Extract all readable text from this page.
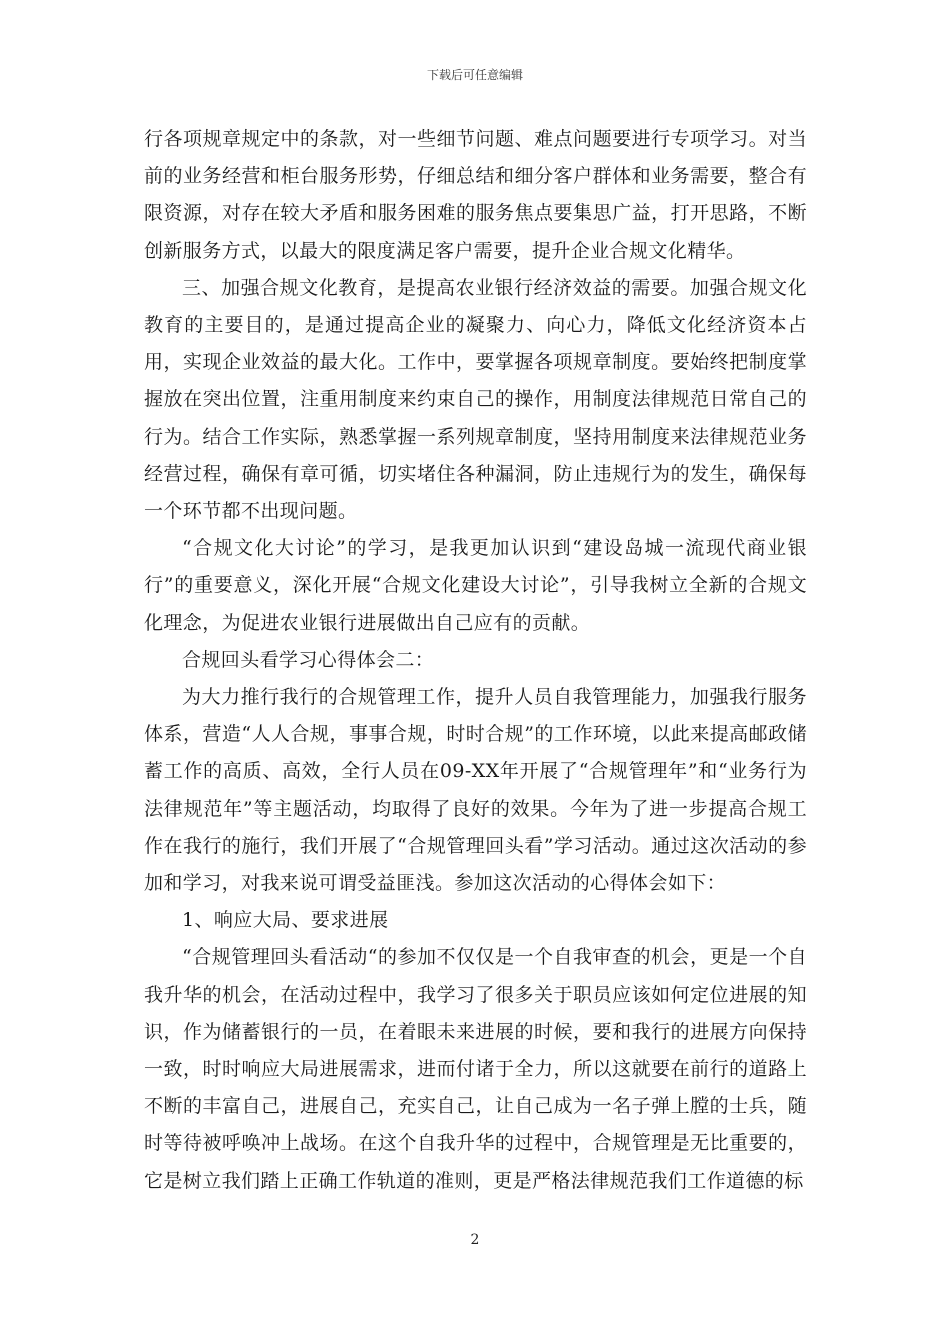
下载后可任意编辑

行各项规章规定中的条款，对一些细节问题、难点问题要进行专项学习。对当前的业务经营和柜台服务形势，仔细总结和细分客户群体和业务需要，整合有限资源，对存在较大矛盾和服务困难的服务焦点要集思广益，打开思路，不断创新服务方式，以最大的限度满足客户需要，提升企业合规文化精华。

三、加强合规文化教育，是提高农业银行经济效益的需要。加强合规文化教育的主要目的，是通过提高企业的凝聚力、向心力，降低文化经济资本占用，实现企业效益的最大化。工作中，要掌握各项规章制度。要始终把制度掌握放在突出位置，注重用制度来约束自己的操作，用制度法律规范日常自己的行为。结合工作实际，熟悉掌握一系列规章制度，坚持用制度来法律规范业务经营过程，确保有章可循，切实堵住各种漏洞，防止违规行为的发生，确保每一个环节都不出现问题。

“合规文化大讨论”的学习，是我更加认识到“建设岛城一流现代商业银行”的重要意义，深化开展“合规文化建设大讨论”，引导我树立全新的合规文化理念，为促进农业银行进展做出自己应有的贡献。

合规回头看学习心得体会二：

为大力推行我行的合规管理工作，提升人员自我管理能力，加强我行服务体系，营造“人人合规，事事合规，时时合规”的工作环境，以此来提高邮政储蓄工作的高质、高效，全行人员在09-XX年开展了“合规管理年”和“业务行为法律规范年”等主题活动，均取得了良好的效果。今年为了进一步提高合规工作在我行的施行，我们开展了“合规管理回头看”学习活动。通过这次活动的参加和学习，对我来说可谓受益匪浅。参加这次活动的心得体会如下：

1、响应大局、要求进展

“合规管理回头看活动“的参加不仅仅是一个自我审查的机会，更是一个自我升华的机会，在活动过程中，我学习了很多关于职员应该如何定位进展的知识，作为储蓄银行的一员，在着眼未来进展的时候，要和我行的进展方向保持一致，时时响应大局进展需求，进而付诸于全力，所以这就要在前行的道路上不断的丰富自己，进展自己，充实自己，让自己成为一名子弹上膛的士兵，随时等待被呼唤冲上战场。在这个自我升华的过程中，合规管理是无比重要的，它是树立我们踏上正确工作轨道的准则，更是严格法律规范我们工作道德的标

2
